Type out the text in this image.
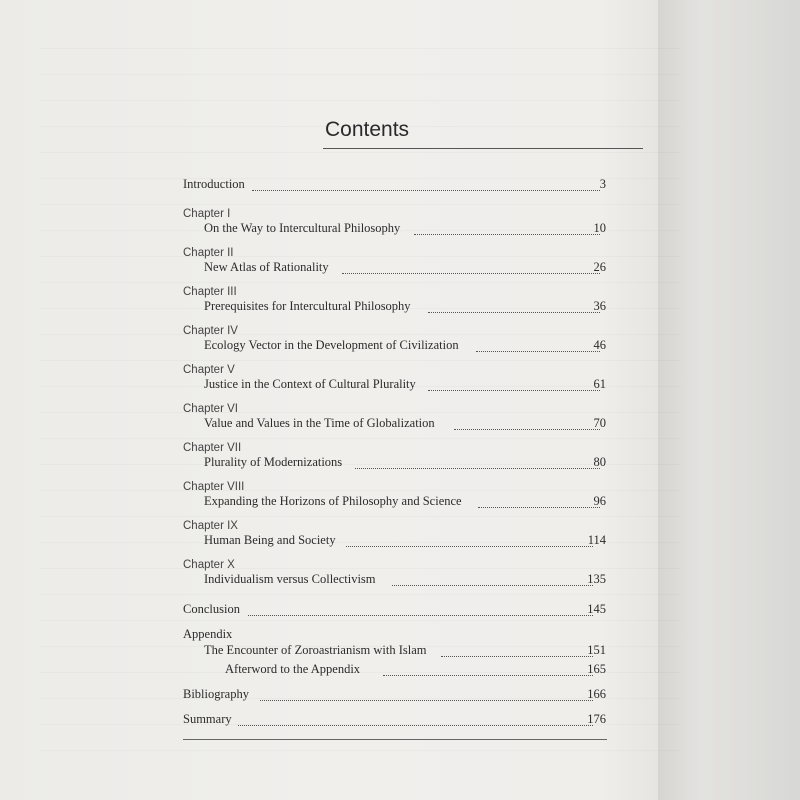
Contents
Introduction	3
Chapter I
On the Way to Intercultural Philosophy	10
Chapter II
New Atlas of Rationality	26
Chapter III
Prerequisites for Intercultural Philosophy	36
Chapter IV
Ecology Vector in the Development of Civilization	46
Chapter V
Justice in the Context of Cultural Plurality	61
Chapter VI
Value and Values in the Time of Globalization	70
Chapter VII
Plurality of Modernizations	80
Chapter VIII
Expanding the Horizons of Philosophy and Science	96
Chapter IX
Human Being and Society	114
Chapter X
Individualism versus Collectivism	135
Conclusion	145
Appendix
The Encounter of Zoroastrianism with Islam	151
Afterword to the Appendix	165
Bibliography	166
Summary	176
